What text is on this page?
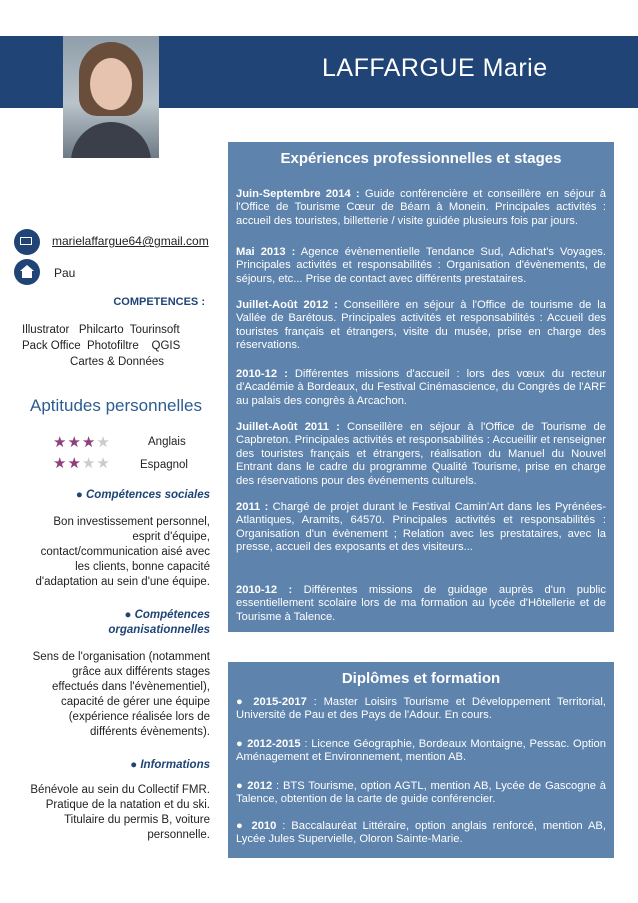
LAFFARGUE Marie
marielaffargue64@gmail.com
Pau
COMPETENCES :
Illustrator   Philcarto  Tourinsoft
Pack Office  Photofiltre    QGIS
Cartes & Données
Aptitudes personnelles
★★★★	Anglais
★★★★	Espagnol
● Compétences sociales
Bon investissement personnel, esprit d'équipe, contact/communication aisé avec les clients, bonne capacité d'adaptation au sein d'une équipe.
● Compétences organisationnelles
Sens de l'organisation (notamment grâce aux différents stages effectués dans l'évènementiel), capacité de gérer une équipe (expérience réalisée lors de différents évènements).
● Informations
Bénévole au sein du Collectif FMR. Pratique de la natation et du ski. Titulaire du permis B, voiture personnelle.
Expériences professionnelles et stages
Juin-Septembre 2014 : Guide conférencière et conseillère en séjour à l'Office de Tourisme Cœur de Béarn à Monein. Principales activités : accueil des touristes, billetterie / visite guidée plusieurs fois par jours.
Mai 2013 : Agence évènementielle Tendance Sud, Adichat's Voyages. Principales activités et responsabilités : Organisation d'évènements, de séjours, etc... Prise de contact avec différents prestataires.
Juillet-Août 2012 : Conseillère en séjour à l'Office de tourisme de la Vallée de Barétous. Principales activités et responsabilités : Accueil des touristes français et étrangers, visite du musée, prise en charge des réservations.
2010-12 : Différentes missions d'accueil : lors des vœux du recteur d'Académie à Bordeaux, du Festival Cinémascience, du Congrès de l'ARF au palais des congrès à Arcachon.
Juillet-Août 2011 : Conseillère en séjour à l'Office de Tourisme de Capbreton. Principales activités et responsabilités : Accueillir et renseigner des touristes français et étrangers, réalisation du Manuel du Nouvel Entrant dans le cadre du programme Qualité Tourisme, prise en charge des réservations pour des événements culturels.
2011 : Chargé de projet durant le Festival Camin'Art dans les Pyrénées-Atlantiques, Aramits, 64570. Principales activités et responsabilités : Organisation d'un évènement ; Relation avec les prestataires, avec la presse, accueil des exposants et des visiteurs...
2010-12 : Différentes missions de guidage auprès d'un public essentiellement scolaire lors de ma formation au lycée d'Hôtellerie et de Tourisme à Talence.
Diplômes et formation
● 2015-2017 : Master Loisirs Tourisme et Développement Territorial, Université de Pau et des Pays de l'Adour. En cours.
● 2012-2015 : Licence Géographie, Bordeaux Montaigne, Pessac. Option Aménagement et Environnement, mention AB.
● 2012 : BTS Tourisme, option AGTL, mention AB, Lycée de Gascogne à Talence, obtention de la carte de guide conférencier.
● 2010 : Baccalauréat Littéraire, option anglais renforcé, mention AB, Lycée Jules Supervielle, Oloron Sainte-Marie.
